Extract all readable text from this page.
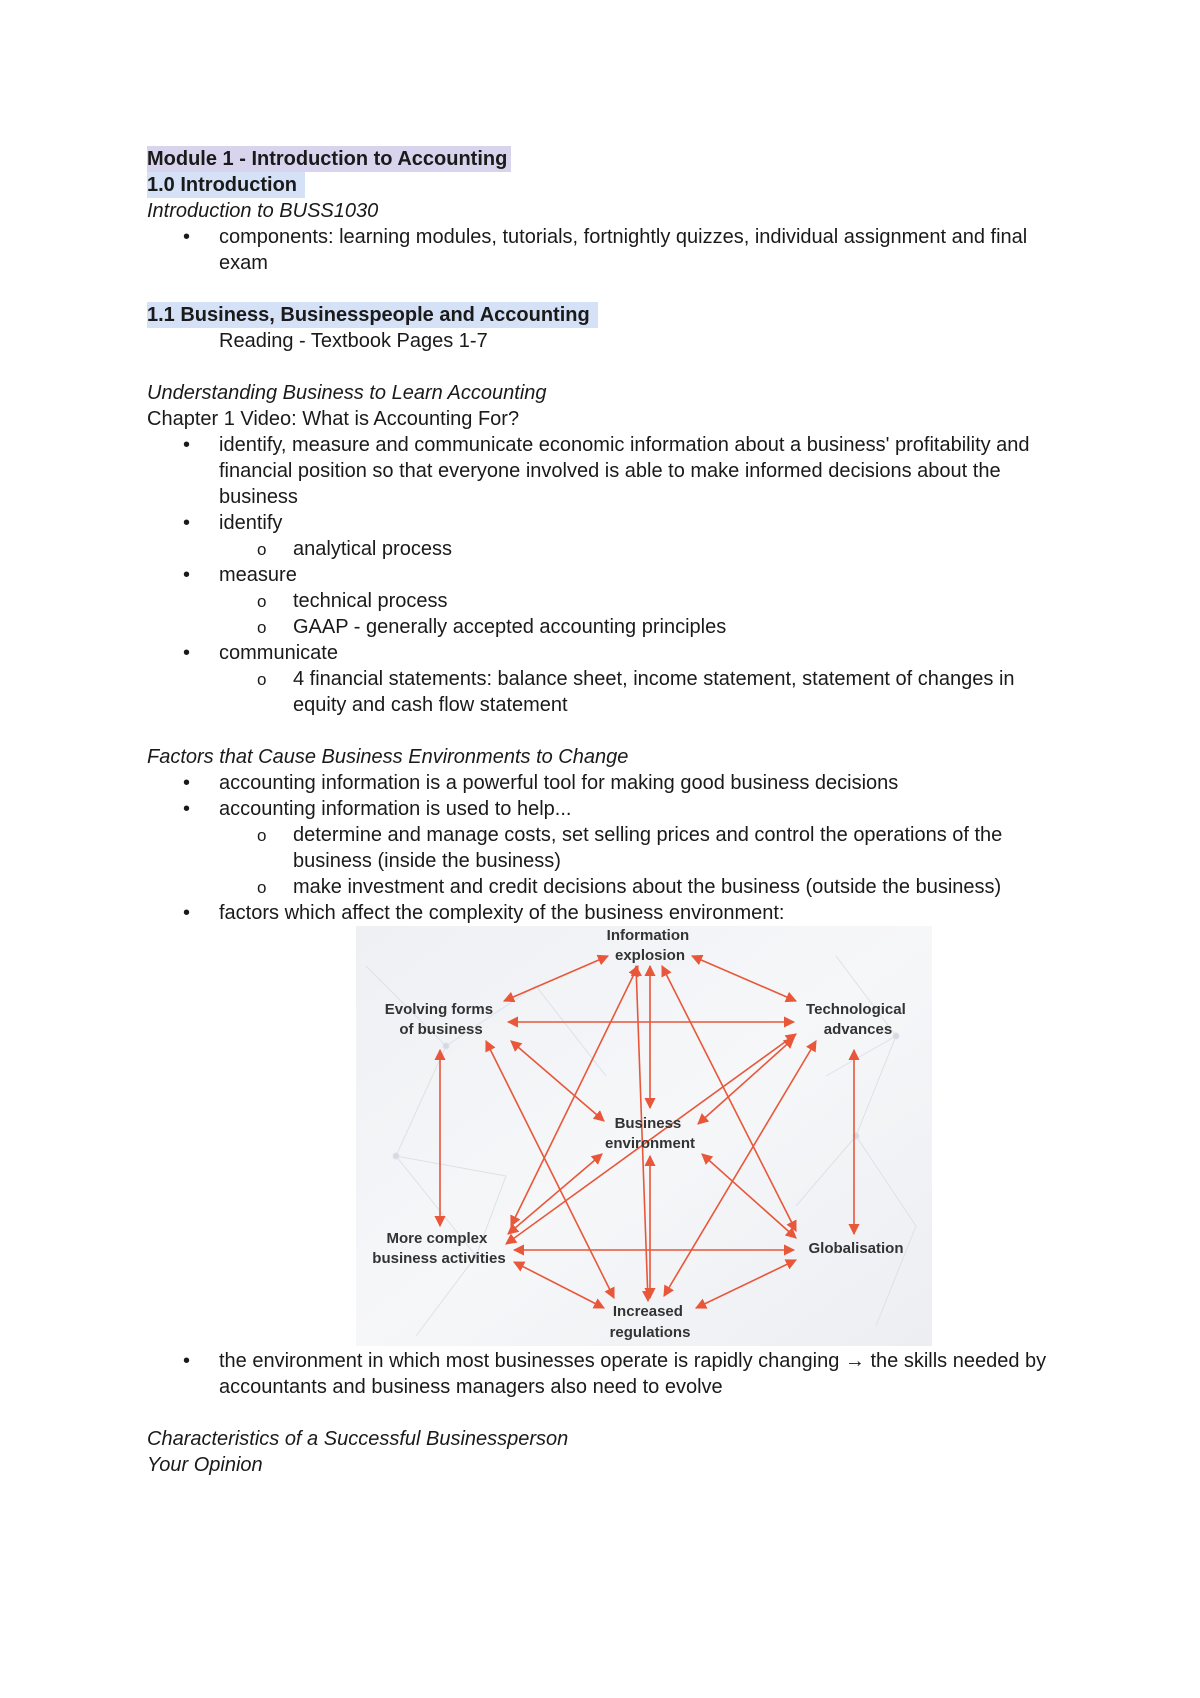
Module 1 - Introduction to Accounting
1.0 Introduction
Introduction to BUSS1030
• components: learning modules, tutorials, fortnightly quizzes, individual assignment and final exam
1.1 Business, Businesspeople and Accounting
Reading - Textbook Pages 1-7
Understanding Business to Learn Accounting
Chapter 1 Video: What is Accounting For?
• identify, measure and communicate economic information about a business' profitability and financial position so that everyone involved is able to make informed decisions about the business
• identify
o analytical process
• measure
o technical process
o GAAP - generally accepted accounting principles
• communicate
o 4 financial statements: balance sheet, income statement, statement of changes in equity and cash flow statement
Factors that Cause Business Environments to Change
• accounting information is a powerful tool for making good business decisions
• accounting information is used to help...
o determine and manage costs, set selling prices and control the operations of the business (inside the business)
o make investment and credit decisions about the business (outside the business)
• factors which affect the complexity of the business environment:
Information explosion
Technological advances
Evolving forms of business
Business environment
More complex business activities
Globalisation
Increased regulations
• the environment in which most businesses operate is rapidly changing → the skills needed by accountants and business managers also need to evolve
Characteristics of a Successful Businessperson
Your Opinion
